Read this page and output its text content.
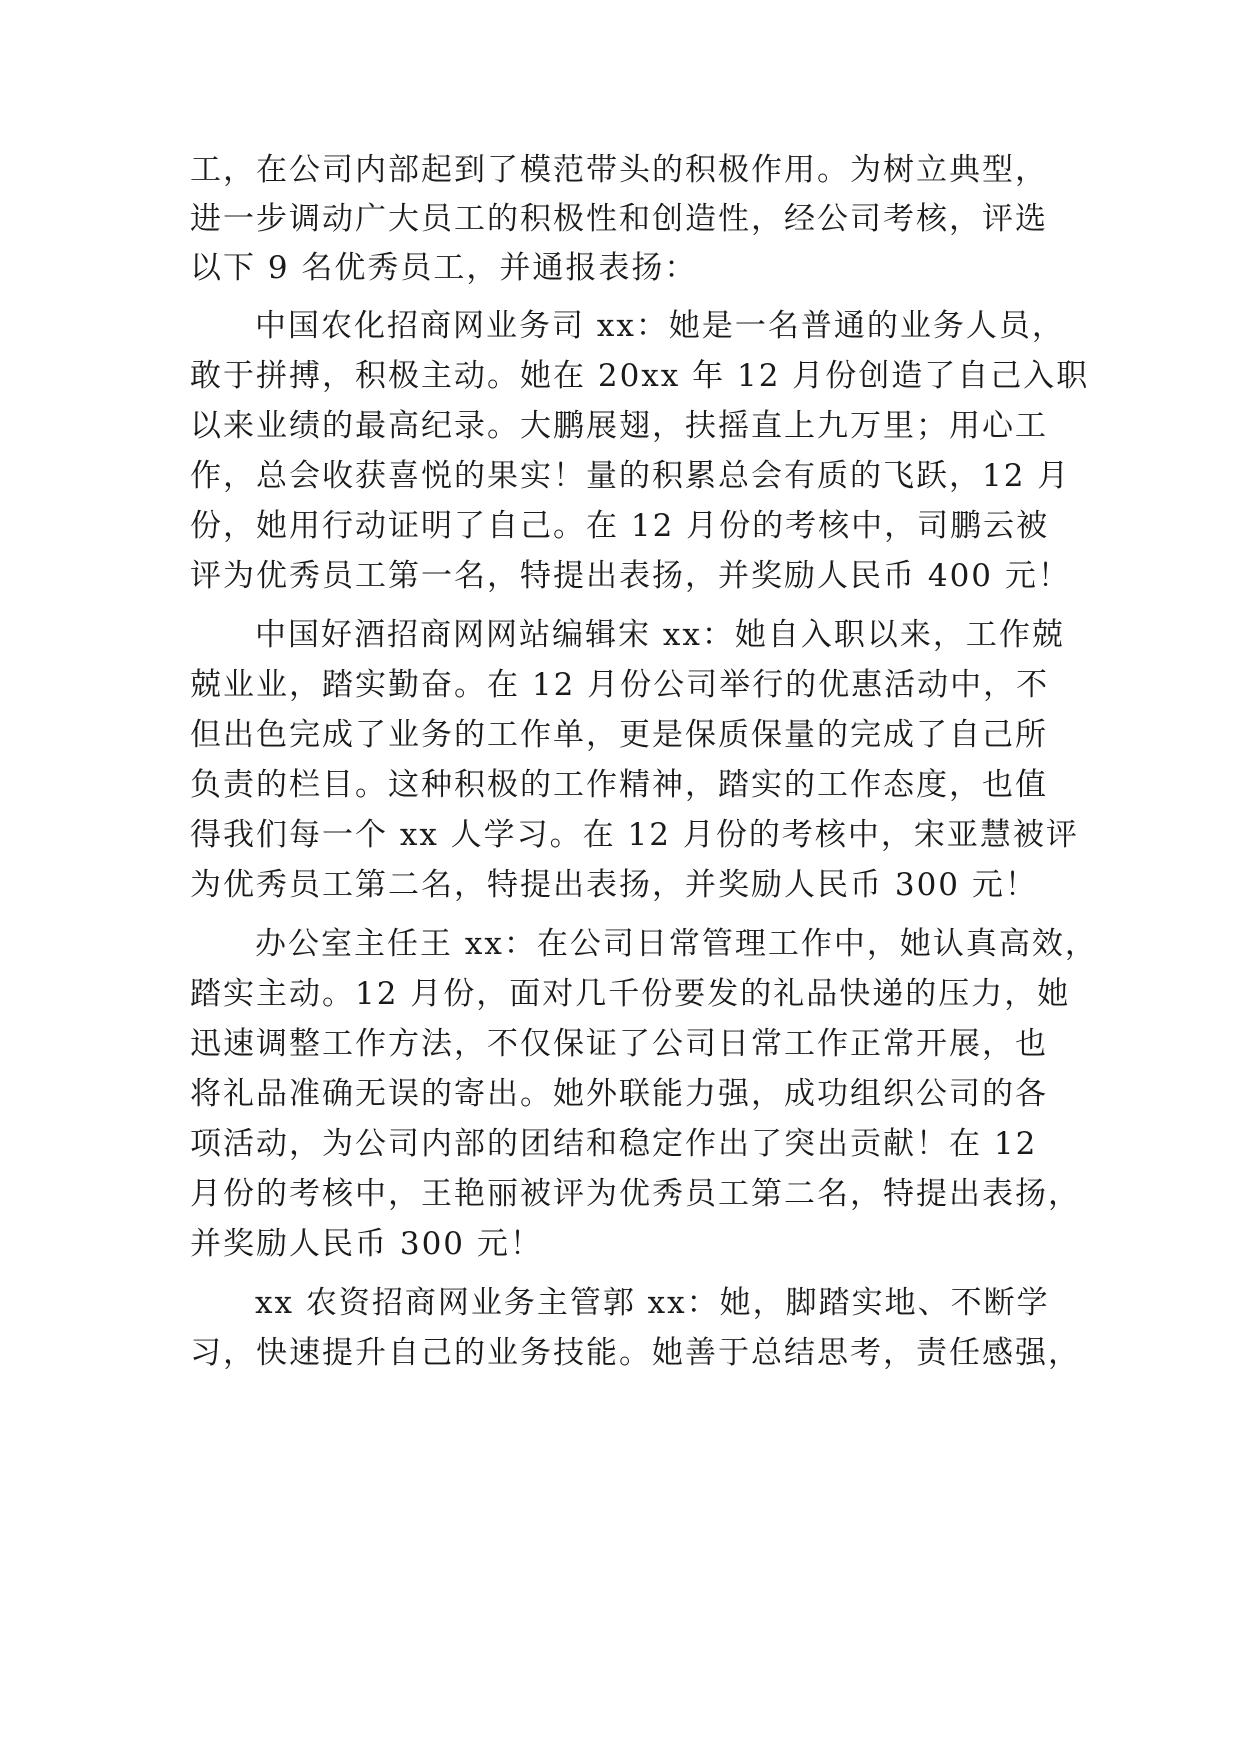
工，在公司内部起到了模范带头的积极作用。为树立典型，
进一步调动广大员工的积极性和创造性，经公司考核，评选
以下 9 名优秀员工，并通报表扬：
中国农化招商网业务司 xx：她是一名普通的业务人员，
敢于拼搏，积极主动。她在 20xx 年 12 月份创造了自己入职
以来业绩的最高纪录。大鹏展翅，扶摇直上九万里；用心工
作，总会收获喜悦的果实！量的积累总会有质的飞跃，12 月
份，她用行动证明了自己。在 12 月份的考核中，司鹏云被
评为优秀员工第一名，特提出表扬，并奖励人民币 400 元！
中国好酒招商网网站编辑宋 xx：她自入职以来，工作兢
兢业业，踏实勤奋。在 12 月份公司举行的优惠活动中，不
但出色完成了业务的工作单，更是保质保量的完成了自己所
负责的栏目。这种积极的工作精神，踏实的工作态度，也值
得我们每一个 xx 人学习。在 12 月份的考核中，宋亚慧被评
为优秀员工第二名，特提出表扬，并奖励人民币 300 元！
办公室主任王 xx：在公司日常管理工作中，她认真高效，
踏实主动。12 月份，面对几千份要发的礼品快递的压力，她
迅速调整工作方法，不仅保证了公司日常工作正常开展，也
将礼品准确无误的寄出。她外联能力强，成功组织公司的各
项活动，为公司内部的团结和稳定作出了突出贡献！在 12
月份的考核中，王艳丽被评为优秀员工第二名，特提出表扬，
并奖励人民币 300 元！
xx 农资招商网业务主管郭 xx：她，脚踏实地、不断学
习，快速提升自己的业务技能。她善于总结思考，责任感强，
